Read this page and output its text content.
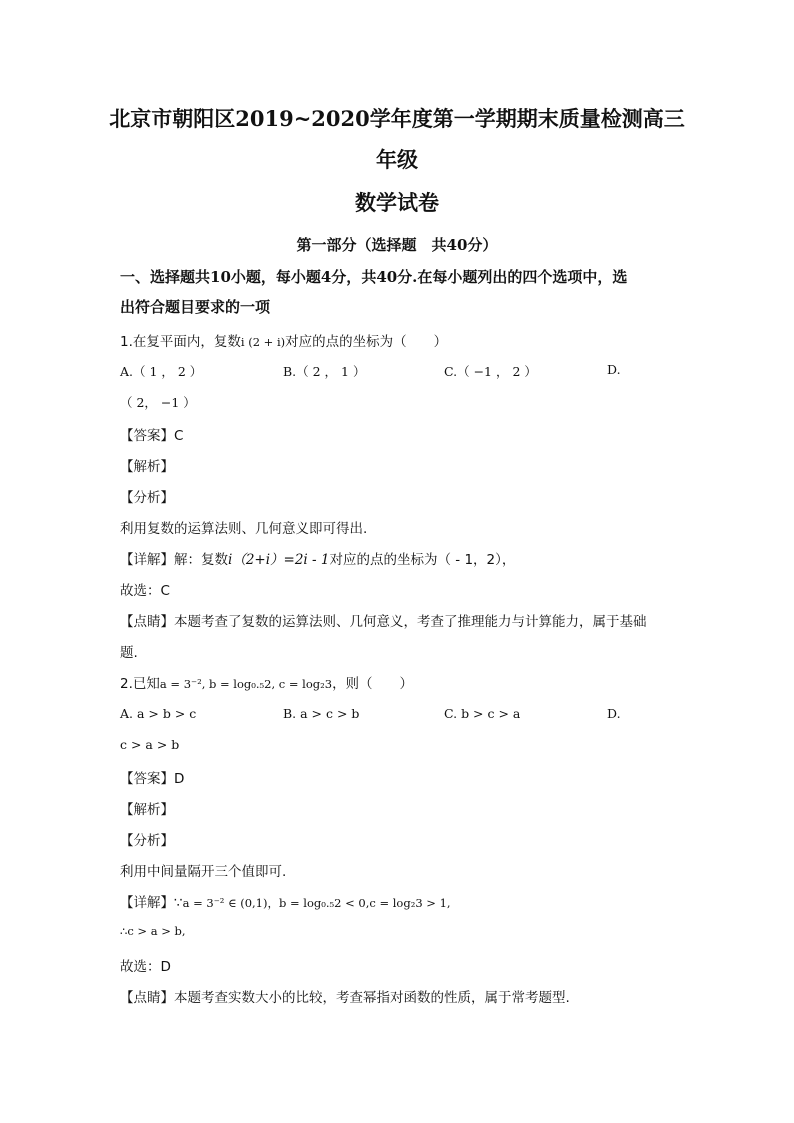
北京市朝阳区2019~2020学年度第一学期期末质量检测高三
年级
数学试卷
第一部分（选择题　共40分）
一、选择题共10小题，每小题4分，共40分.在每小题列出的四个选项中，选
出符合题目要求的一项
1.在复平面内，复数i (2 + i)对应的点的坐标为（　　）
A.（ 1 ， 2 ）	B.（ 2 ， 1 ）	C.（ −1 ， 2 ）	D.
（ 2， −1 ）
【答案】C
【解析】
【分析】
利用复数的运算法则、几何意义即可得出.
【详解】解：复数i（2+i）=2i - 1对应的点的坐标为（ - 1，2），
故选：C
【点睛】本题考查了复数的运算法则、几何意义，考查了推理能力与计算能力，属于基础
题.
2.已知a = 3⁻², b = log₀.₅2, c = log₂3，则（　　）
A. a > b > c	B. a > c > b	C. b > c > a	D.
c > a > b
【答案】D
【解析】
【分析】
利用中间量隔开三个值即可.
【详解】∵a = 3⁻² ∈ (0,1)，b = log₀.₅2 < 0,c = log₂3 > 1,
∴c > a > b,
故选：D
【点睛】本题考查实数大小的比较，考查幂指对函数的性质，属于常考题型.
